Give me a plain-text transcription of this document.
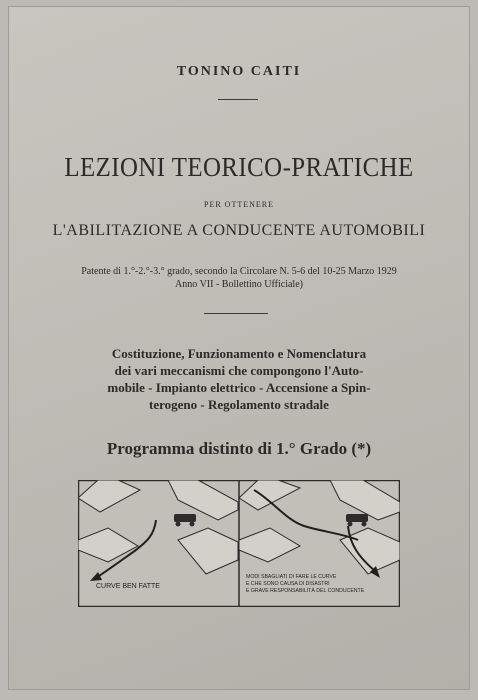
TONINO CAITI
LEZIONI TEORICO-PRATICHE
PER OTTENERE
L'ABILITAZIONE A CONDUCENTE AUTOMOBILI
Patente di 1.°-2.°-3.° grado, secondo la Circolare N. 5-6 del 10-25 Marzo 1929
Anno VII - Bollettino Ufficiale)
Costituzione, Funzionamento e Nomenclatura
dei vari meccanismi che compongono l'Auto-
mobile - Impianto elettrico - Accensione a Spin-
terogeno - Regolamento stradale
Programma distinto di 1.° Grado (*)
CURVE BEN FATTE
MODI SBAGLIATI DI FARE LE CURVE
E CHE SONO CAUSA DI DISASTRI
E GRAVE RESPONSABILITÀ DEL CONDUCENTE
